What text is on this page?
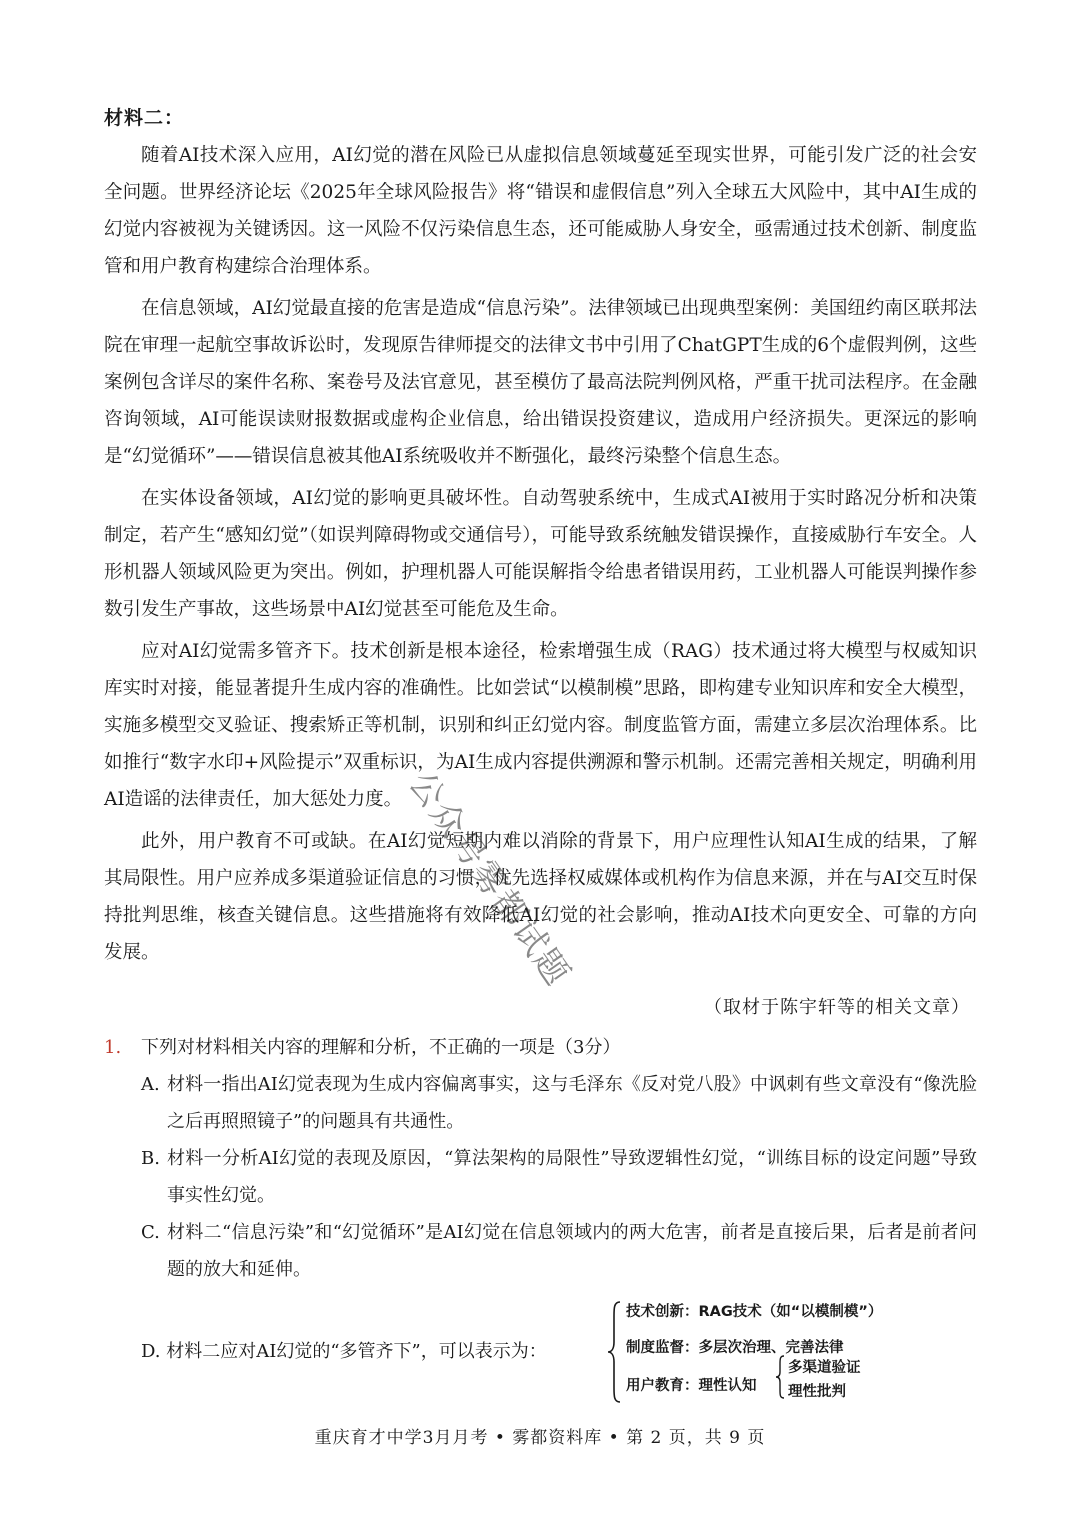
材料二：

随着AI技术深入应用，AI幻觉的潜在风险已从虚拟信息领域蔓延至现实世界，可能引发广泛的社会安全问题。世界经济论坛《2025年全球风险报告》将“错误和虚假信息”列入全球五大风险中，其中AI生成的幻觉内容被视为关键诱因。这一风险不仅污染信息生态，还可能威胁人身安全，亟需通过技术创新、制度监管和用户教育构建综合治理体系。

在信息领域，AI幻觉最直接的危害是造成“信息污染”。法律领域已出现典型案例：美国纽约南区联邦法院在审理一起航空事故诉讼时，发现原告律师提交的法律文书中引用了ChatGPT生成的6个虚假判例，这些案例包含详尽的案件名称、案卷号及法官意见，甚至模仿了最高法院判例风格，严重干扰司法程序。在金融咨询领域，AI可能误读财报数据或虚构企业信息，给出错误投资建议，造成用户经济损失。更深远的影响是“幻觉循环”——错误信息被其他AI系统吸收并不断强化，最终污染整个信息生态。

在实体设备领域，AI幻觉的影响更具破坏性。自动驾驶系统中，生成式AI被用于实时路况分析和决策制定，若产生“感知幻觉”（如误判障碍物或交通信号），可能导致系统触发错误操作，直接威胁行车安全。人形机器人领域风险更为突出。例如，护理机器人可能误解指令给患者错误用药，工业机器人可能误判操作参数引发生产事故，这些场景中AI幻觉甚至可能危及生命。

应对AI幻觉需多管齐下。技术创新是根本途径，检索增强生成（RAG）技术通过将大模型与权威知识库实时对接，能显著提升生成内容的准确性。比如尝试“以模制模”思路，即构建专业知识库和安全大模型，实施多模型交叉验证、搜索矫正等机制，识别和纠正幻觉内容。制度监管方面，需建立多层次治理体系。比如推行“数字水印+风险提示”双重标识，为AI生成内容提供溯源和警示机制。还需完善相关规定，明确利用AI造谣的法律责任，加大惩处力度。

此外，用户教育不可或缺。在AI幻觉短期内难以消除的背景下，用户应理性认知AI生成的结果，了解其局限性。用户应养成多渠道验证信息的习惯，优先选择权威媒体或机构作为信息来源，并在与AI交互时保持批判思维，核查关键信息。这些措施将有效降低AI幻觉的社会影响，推动AI技术向更安全、可靠的方向发展。

（取材于陈宇轩等的相关文章）
1. 下列对材料相关内容的理解和分析，不正确的一项是（3分）
A. 材料一指出AI幻觉表现为生成内容偏离事实，这与毛泽东《反对党八股》中讽刺有些文章没有“像洗脸之后再照照镜子”的问题具有共通性。
B. 材料一分析AI幻觉的表现及原因，“算法架构的局限性”导致逻辑性幻觉，“训练目标的设定问题”导致事实性幻觉。
C. 材料二“信息污染”和“幻觉循环”是AI幻觉在信息领域内的两大危害，前者是直接后果，后者是前者问题的放大和延伸。
D. 材料二应对AI幻觉的“多管齐下”，可以表示为：
技术创新：RAG技术（如“以模制模”）
制度监督：多层次治理、完善法律
用户教育：理性认知
多渠道验证
理性批判
公众号雾都试题
重庆育才中学3月月考 • 雾都资料库 • 第 2 页，共 9 页
